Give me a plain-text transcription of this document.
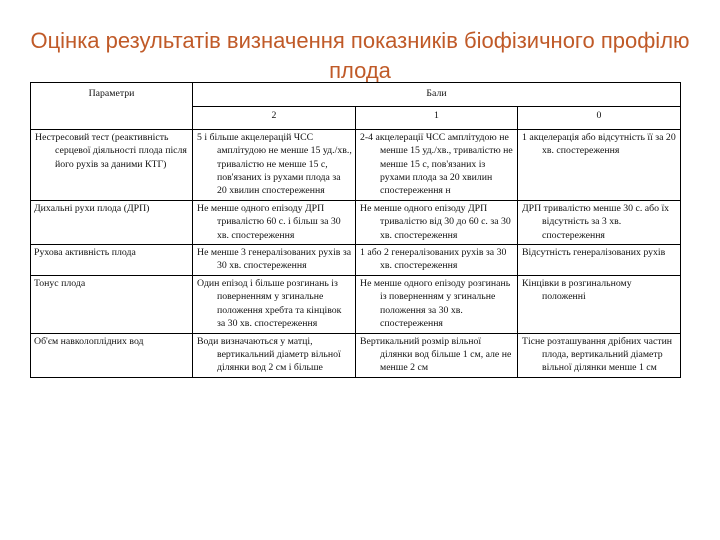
Оцінка результатів визначення показників біофізичного профілю плода
Параметри	Бали		
	2	1	0
Нестресовий тест (реактивність серцевої діяльності плода після його рухів за даними КТГ)	5 і більше акцелерацій ЧСС амплітудою не менше 15 уд./хв., тривалістю не менше 15 с, пов'язаних із рухами плода за 20 хвилин спостереження	2-4 акцелерації ЧСС амплітудою не менше 15 уд./хв., тривалістю не менше 15 с, пов'язаних із рухами плода за 20 хвилин спостереження н	1 акцелерація або відсутність її за 20 хв. спостереження
Дихальні рухи плода (ДРП)	Не менше одного епізоду ДРП тривалістю 60 с. і більш за 30 хв. спостереження	Не менше одного епізоду ДРП тривалістю від 30 до 60 с. за 30 хв. спостереження	ДРП тривалістю менше 30 с. або їх відсутність за 3 хв. спостереження
Рухова активність плода	Не менше 3 генералізованих рухів за 30 хв. спостереження	1 або 2 генералізованих рухів за 30 хв. спостереження	Відсутність генералізованих рухів
Тонус плода	Один епізод і більше розгинань із поверненням у згинальне положення хребта та кінцівок за 30 хв. спостереження	Не менше одного епізоду розгинань із поверненням у згинальне положення за 30 хв. спостереження	Кінцівки в розгинальному положенні
Об'єм навколоплідних вод	Води визначаються у матці, вертикальний діаметр вільної ділянки вод 2 см і більше	Вертикальний розмір вільної ділянки вод більше 1 см, але не менше 2 см	Тісне розташування дрібних частин плода, вертикальний діаметр вільної ділянки менше 1 см
